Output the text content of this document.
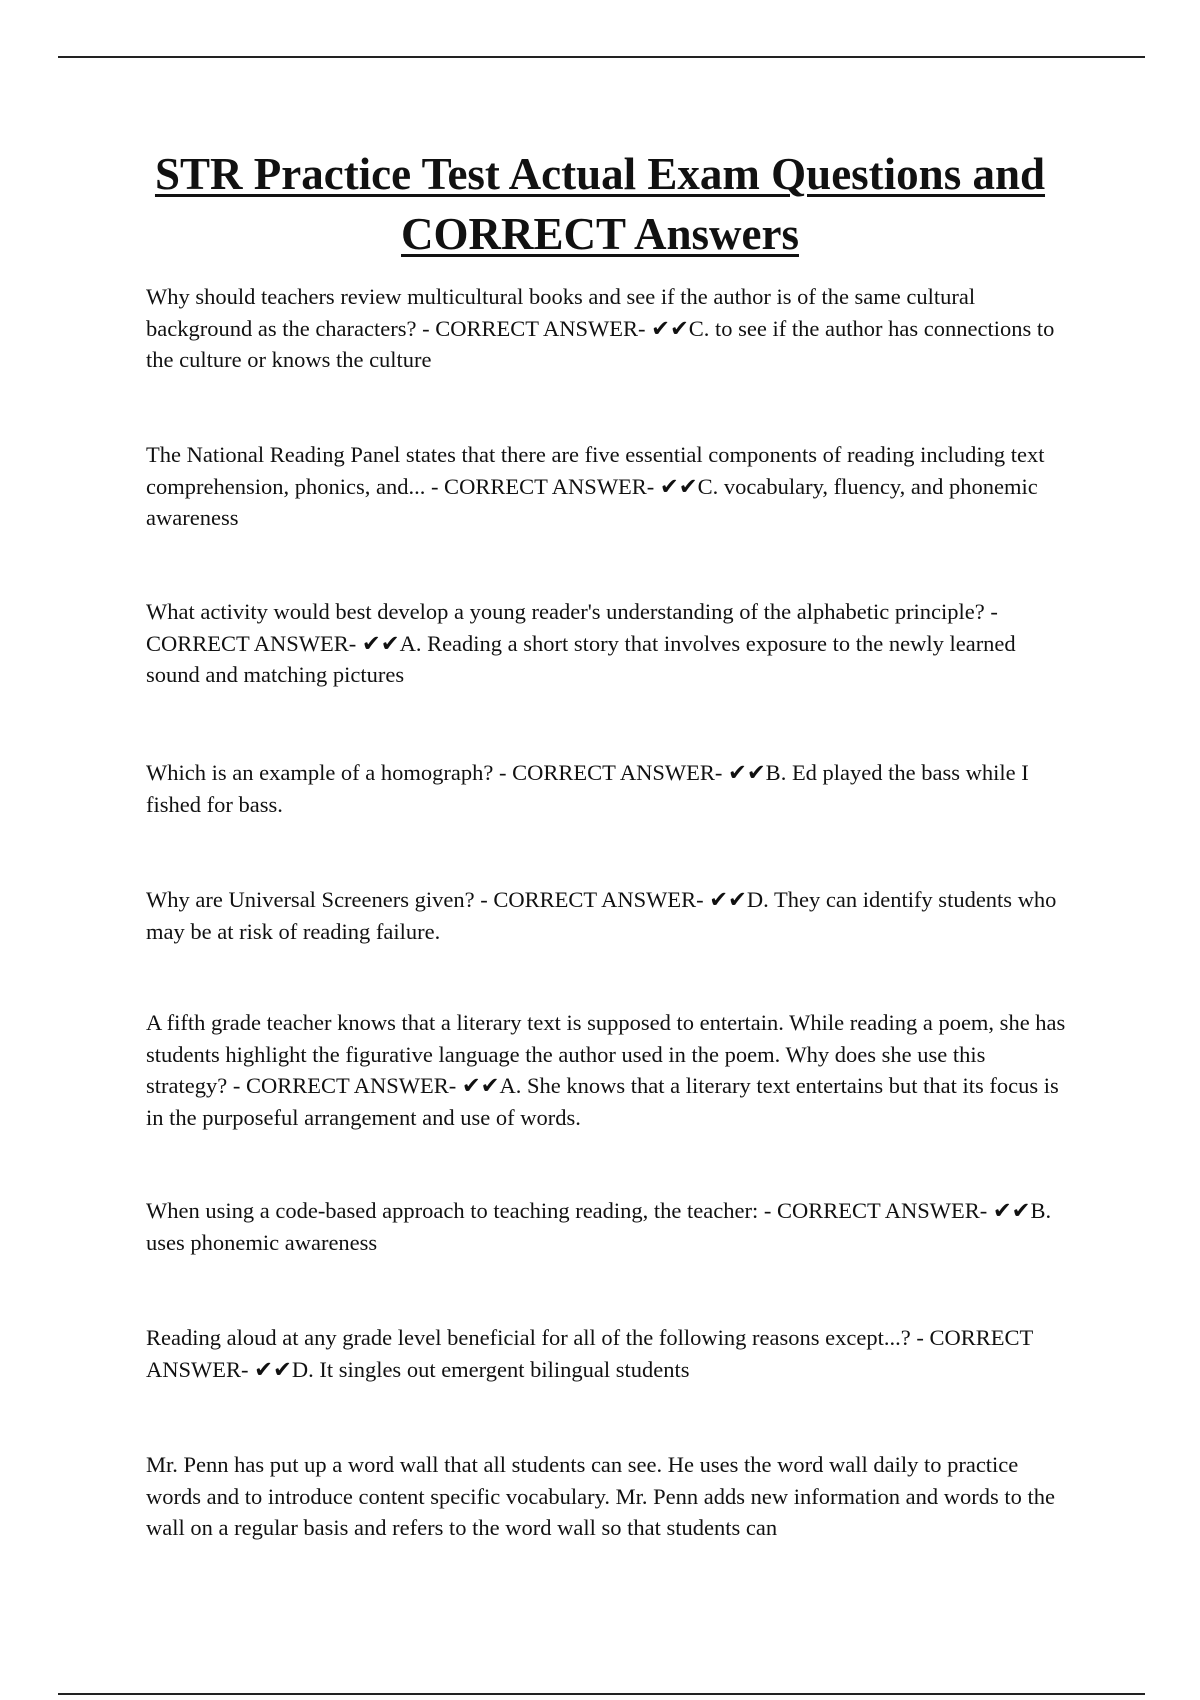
STR Practice Test Actual Exam Questions and CORRECT Answers

Why should teachers review multicultural books and see if the author is of the same cultural background as the characters? - CORRECT ANSWER- ✔✔C. to see if the author has connections to the culture or knows the culture

The National Reading Panel states that there are five essential components of reading including text comprehension, phonics, and... - CORRECT ANSWER- ✔✔C. vocabulary, fluency, and phonemic awareness

What activity would best develop a young reader's understanding of the alphabetic principle? - CORRECT ANSWER- ✔✔A. Reading a short story that involves exposure to the newly learned sound and matching pictures

Which is an example of a homograph? - CORRECT ANSWER- ✔✔B. Ed played the bass while I fished for bass.

Why are Universal Screeners given? - CORRECT ANSWER- ✔✔D. They can identify students who may be at risk of reading failure.

A fifth grade teacher knows that a literary text is supposed to entertain. While reading a poem, she has students highlight the figurative language the author used in the poem. Why does she use this strategy? - CORRECT ANSWER- ✔✔A. She knows that a literary text entertains but that its focus is in the purposeful arrangement and use of words.

When using a code-based approach to teaching reading, the teacher: - CORRECT ANSWER- ✔✔B. uses phonemic awareness

Reading aloud at any grade level beneficial for all of the following reasons except...? - CORRECT ANSWER- ✔✔D. It singles out emergent bilingual students

Mr. Penn has put up a word wall that all students can see. He uses the word wall daily to practice words and to introduce content specific vocabulary. Mr. Penn adds new information and words to the wall on a regular basis and refers to the word wall so that students can
